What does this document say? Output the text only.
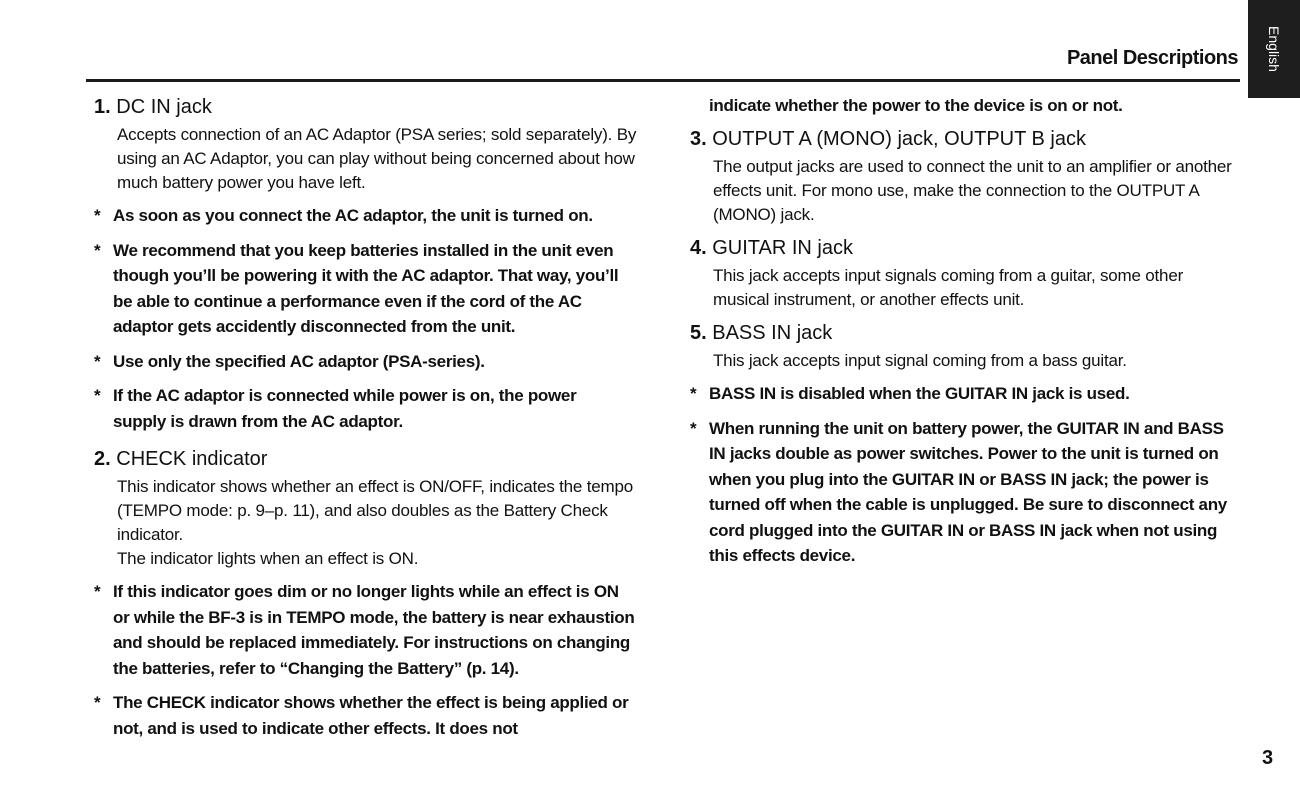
English
Panel Descriptions
1. DC IN jack

Accepts connection of an AC Adaptor (PSA series; sold separately). By using an AC Adaptor, you can play without being concerned about how much battery power you have left.

* As soon as you connect the AC adaptor, the unit is turned on.
* We recommend that you keep batteries installed in the unit even though you’ll be powering it with the AC adaptor. That way, you’ll be able to continue a performance even if the cord of the AC adaptor gets accidently disconnected from the unit.
* Use only the specified AC adaptor (PSA-series).
* If the AC adaptor is connected while power is on, the power supply is drawn from the AC adaptor.
2. CHECK indicator

This indicator shows whether an effect is ON/OFF, indicates the tempo (TEMPO mode: p. 9–p. 11), and also doubles as the Battery Check indicator.

The indicator lights when an effect is ON.

* If this indicator goes dim or no longer lights while an effect is ON or while the BF-3 is in TEMPO mode, the battery is near exhaustion and should be replaced immediately. For instructions on changing the batteries, refer to “Changing the Battery” (p. 14).
* The CHECK indicator shows whether the effect is being applied or not, and is used to indicate other effects. It does not
indicate whether the power to the device is on or not.
3. OUTPUT A (MONO) jack, OUTPUT B jack

The output jacks are used to connect the unit to an amplifier or another effects unit. For mono use, make the connection to the OUTPUT A (MONO) jack.

4. GUITAR IN jack

This jack accepts input signals coming from a guitar, some other musical instrument, or another effects unit.

5. BASS IN jack

This jack accepts input signal coming from a bass guitar.

* BASS IN is disabled when the GUITAR IN jack is used.
* When running the unit on battery power, the GUITAR IN and BASS IN jacks double as power switches. Power to the unit is turned on when you plug into the GUITAR IN or BASS IN jack; the power is turned off when the cable is unplugged. Be sure to disconnect any cord plugged into the GUITAR IN or BASS IN jack when not using this effects device.
3
